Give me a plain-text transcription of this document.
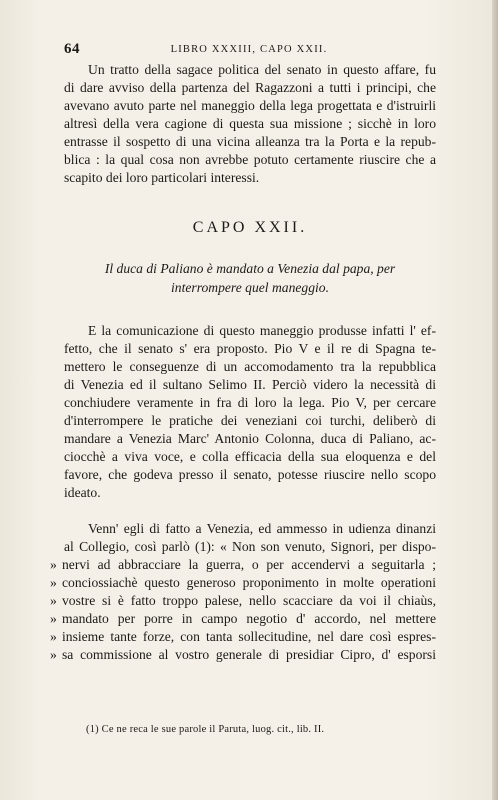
64	LIBRO XXXIII, CAPO XXII.

Un tratto della sagace politica del senato in questo affare, fu
di dare avviso della partenza del Ragazzoni a tutti i principi, che
avevano avuto parte nel maneggio della lega progettata e d'istruirli
altresì della vera cagione di questa sua missione ; sicchè in loro
entrasse il sospetto di una vicina alleanza tra la Porta e la repub-
blica : la qual cosa non avrebbe potuto certamente riuscire che a
scapito dei loro particolari interessi.

CAPO XXII.
Il duca di Paliano è mandato a Venezia dal papa, per
interrompere quel maneggio.

E la comunicazione di questo maneggio produsse infatti l' ef-
fetto, che il senato s' era proposto. Pio V e il re di Spagna te-
mettero le conseguenze di un accomodamento tra la repubblica
di Venezia ed il sultano Selimo II. Perciò videro la necessità di
conchiudere veramente in fra di loro la lega. Pio V, per cercare
d'interrompere le pratiche dei veneziani coi turchi, deliberò di
mandare a Venezia Marc' Antonio Colonna, duca di Paliano, ac-
ciocchè a viva voce, e colla efficacia della sua eloquenza e del
favore, che godeva presso il senato, potesse riuscire nello scopo
ideato.

Venn' egli di fatto a Venezia, ed ammesso in udienza dinanzi
al Collegio, così parlò (1): « Non son venuto, Signori, per dispo-
» nervi ad abbracciare la guerra, o per accendervi a seguitarla ;
» conciossiachè questo generoso proponimento in molte operationi
» vostre si è fatto troppo palese, nello scacciare da voi il chiaùs,
» mandato per porre in campo negotio d' accordo, nel mettere
» insieme tante forze, con tanta sollecitudine, nel dare così espres-
» sa commissione al vostro generale di presidiar Cipro, d' esporsi

(1) Ce ne reca le sue parole il Paruta, luog. cit., lib. II.
